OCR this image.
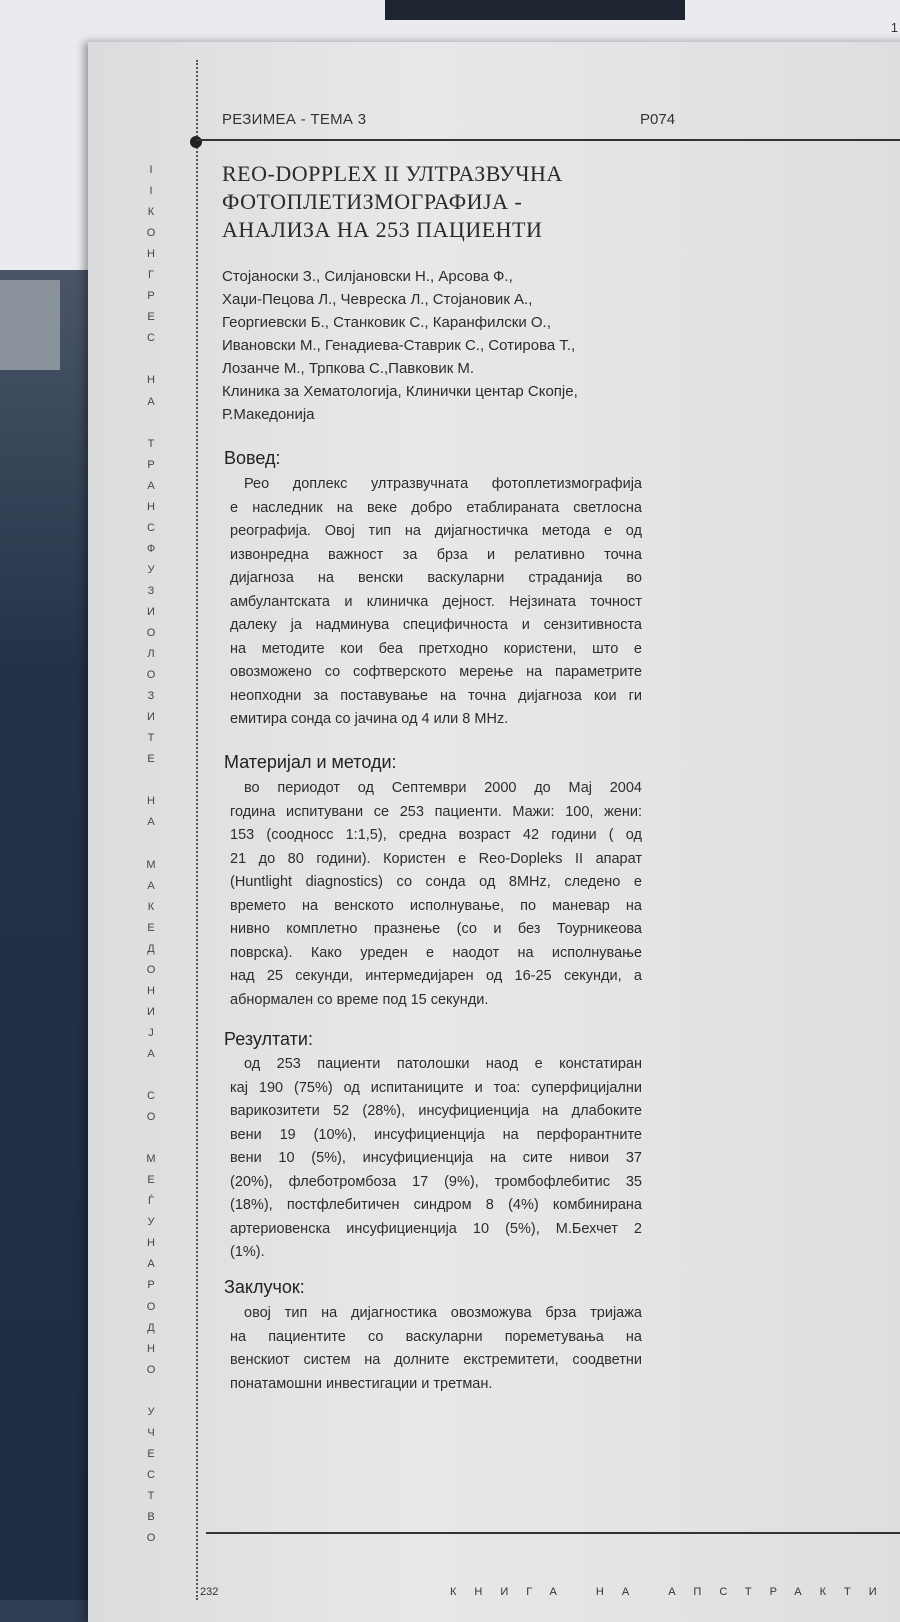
1
РЕЗИМЕА - ТЕМА 3	P074
I
I
К
О
Н
Г
Р
Е
С

Н
А

Т
Р
А
Н
С
Ф
У
З
И
О
Л
О
З
И
Т
Е

Н
А

М
А
К
Е
Д
О
Н
И
Ј
А

С
О

М
Е
Ѓ
У
Н
А
Р
О
Д
Н
О

У
Ч
Е
С
Т
В
О
REO-DOPPLEX II УЛТРАЗВУЧНА
ФОТОПЛЕТИЗМОГРАФИЈА -
АНАЛИЗА НА 253 ПАЦИЕНТИ
Стојаноски З., Силјановски Н., Арсова Ф.,
Хаџи-Пецова Л., Чевреска Л., Стојановик А.,
Георгиевски Б., Станковик С., Каранфилски О.,
Ивановски М., Генадиева-Ставрик С., Сотирова Т.,
Лозанче М., Трпкова С.,Павковик М.
Клиника за Хематологија, Клинички центар Скопје,
Р.Македонија
Вовед:
Рео доплекс ултразвучната фотоплетизмографија
е наследник на веке добро етаблираната светлосна
реографија. Овој тип на дијагностичка метода е од
извонредна важност за брза и релативно точна
дијагноза на венски васкуларни страданија во
амбулантската и клиничка дејност. Нејзината точност
далеку ја надминува специфичноста и сензитивноста
на методите кои беа претходно користени, што е
овозможено со софтверското мерење на параметрите
неопходни за поставување на точна дијагноза кои ги
емитира сонда со јачина од 4 или 8 MHz.
Материјал и методи:
во периодот од Септември 2000 до Мај 2004
година испитувани се 253 пациенти. Мажи: 100, жени:
153 (соодносс 1:1,5), средна возраст 42 години ( од
21 до 80 години). Користен е Reo-Dopleks II апарат
(Huntlight diagnostics) со сонда од 8MHz, следено е
времето на венското исполнување, по маневар на
нивно комплетно празнење (со и без Тоурникеова
поврска). Како уреден е наодот на исполнување
над 25 секунди, интермедијарен од 16-25 секунди, а
абнормален со време под 15 секунди.
Резултати:
од 253 пациенти патолошки наод е констатиран
кај 190 (75%) од испитаниците и тоа: суперфицијални
варикозитети 52 (28%), инсуфициенција на длабоките
вени 19 (10%), инсуфициенција на перфорантните
вени 10 (5%), инсуфициенција на сите нивои 37
(20%), флеботромбоза 17 (9%), тромбофлебитис 35
(18%), постфлебитичен синдром 8 (4%) комбинирана
артериовенска инсуфициенција 10 (5%), М.Бехчет 2
(1%).
Заклучок:
овој тип на дијагностика овозможува брза тријажа
на пациентите со васкуларни пореметувања на
венскиот систем на долните екстремитети, соодветни
понатамошни инвестигации и третман.
232	КНИГА НА АПСТРАКТИ
